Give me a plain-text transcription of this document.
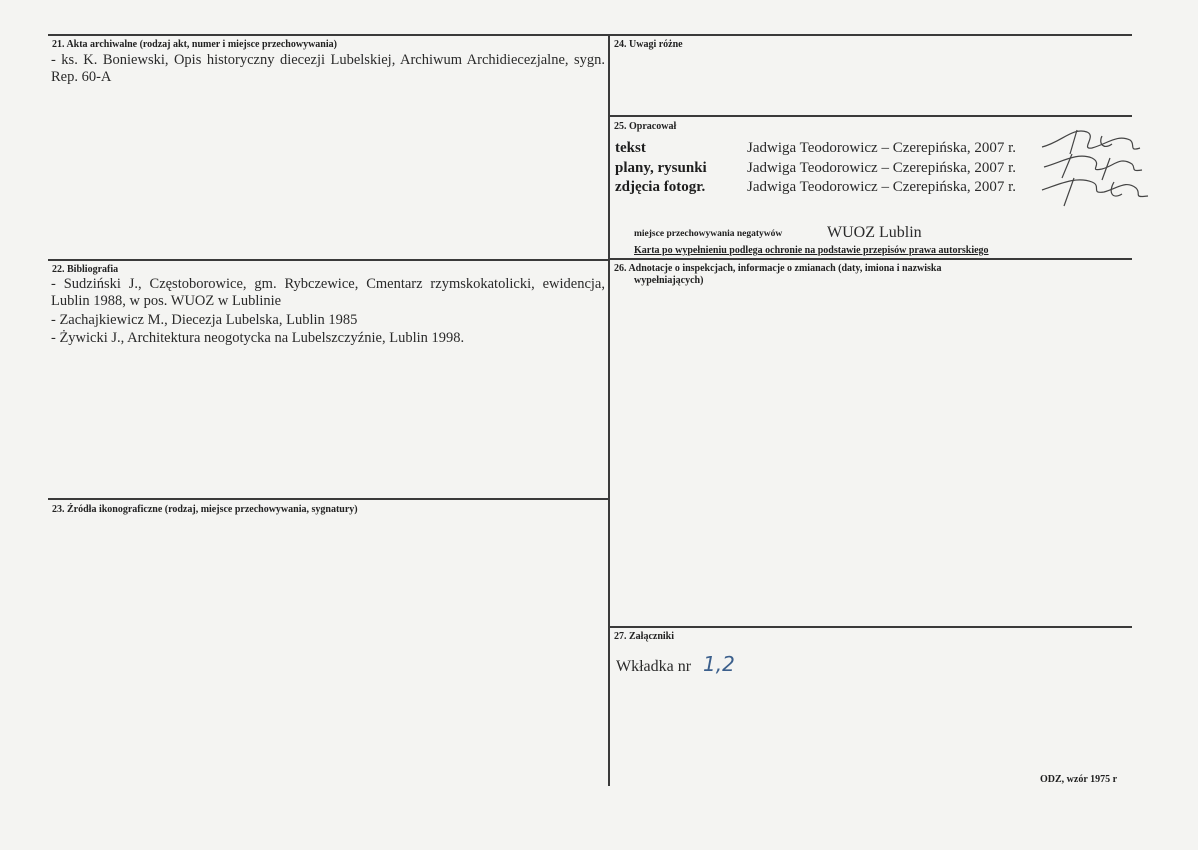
21. Akta archiwalne (rodzaj akt, numer i miejsce przechowywania)
- ks. K. Boniewski, Opis historyczny diecezji Lubelskiej, Archiwum Archidiecezjalne, sygn. Rep. 60-A
22. Bibliografia
- Sudziński J., Częstoborowice, gm. Rybczewice, Cmentarz rzymskokatolicki, ewidencja, Lublin 1988, w pos. WUOZ w Lublinie
- Zachajkiewicz M., Diecezja Lubelska, Lublin 1985
- Żywicki J., Architektura neogotycka na Lubelszczyźnie, Lublin 1998.
23. Źródła ikonograficzne (rodzaj, miejsce przechowywania, sygnatury)
24. Uwagi różne
25. Opracował
tekst	Jadwiga Teodorowicz – Czerepińska, 2007 r.
plany, rysunki	Jadwiga Teodorowicz – Czerepińska, 2007 r.
zdjęcia fotogr.	Jadwiga Teodorowicz – Czerepińska, 2007 r.
miejsce przechowywania negatywów	WUOZ Lublin
Karta po wypełnieniu podlega ochronie na podstawie przepisów prawa autorskiego
26. Adnotacje o inspekcjach, informacje o zmianach (daty, imiona i nazwiska
wypełniających)
27. Załączniki
Wkładka nr 1,2
ODZ, wzór 1975 r
